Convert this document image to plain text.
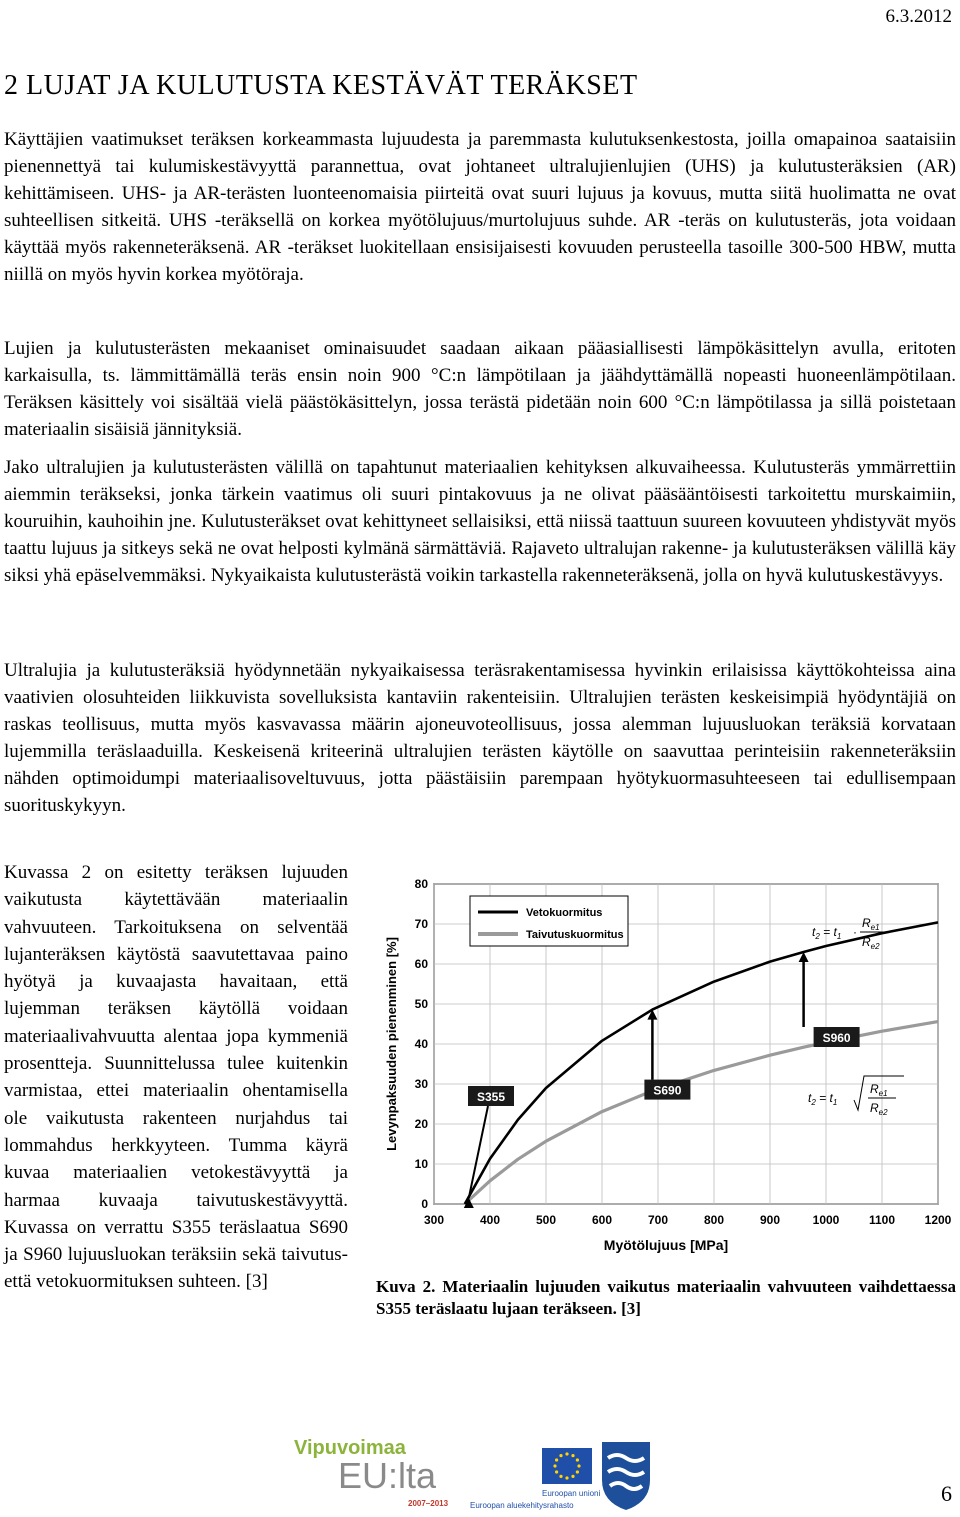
6.3.2012
2 LUJAT JA KULUTUSTA KESTÄVÄT TERÄKSET

Käyttäjien vaatimukset teräksen korkeammasta lujuudesta ja paremmasta kulutuksenkestosta, joilla omapainoa saataisiin pienennettyä tai kulumiskestävyyttä parannettua, ovat johtaneet ultralujienlujien (UHS) ja kulutusteräksien (AR) kehittämiseen. UHS- ja AR-terästen luonteenomaisia piirteitä ovat suuri lujuus ja kovuus, mutta siitä huolimatta ne ovat suhteellisen sitkeitä. UHS -teräksellä on korkea myötölujuus/murtolujuus suhde. AR -teräs on kulutusteräs, jota voidaan käyttää myös rakenneteräksenä. AR -teräkset luokitellaan ensisijaisesti kovuuden perusteella tasoille 300-500 HBW, mutta niillä on myös hyvin korkea myötöraja.

Lujien ja kulutusterästen mekaaniset ominaisuudet saadaan aikaan pääasiallisesti lämpökäsittelyn avulla, eritoten karkaisulla, ts. lämmittämällä teräs ensin noin 900 °C:n lämpötilaan ja jäähdyttämällä nopeasti huoneenlämpötilaan. Teräksen käsittely voi sisältää vielä päästökäsittelyn, jossa terästä pidetään noin 600 °C:n lämpötilassa ja sillä poistetaan materiaalin sisäisiä jännityksiä.

Jako ultralujien ja kulutusterästen välillä on tapahtunut materiaalien kehityksen alkuvaiheessa. Kulutusteräs ymmärrettiin aiemmin teräkseksi, jonka tärkein vaatimus oli suuri pintakovuus ja ne olivat pääsääntöisesti tarkoitettu murskaimiin, kouruihin, kauhoihin jne. Kulutusteräkset ovat kehittyneet sellaisiksi, että niissä taattuun suureen kovuuteen yhdistyvät myös taattu lujuus ja sitkeys sekä ne ovat helposti kylmänä särmättäviä. Rajaveto ultralujan rakenne- ja kulutusteräksen välillä käy siksi yhä epäselvemmäksi. Nykyaikaista kulutusterästä voikin tarkastella rakenneteräksenä, jolla on hyvä kulutuskestävyys.

Ultralujia ja kulutusteräksiä hyödynnetään nykyaikaisessa teräsrakentamisessa hyvinkin erilaisissa käyttökohteissa aina vaativien olosuhteiden liikkuvista sovelluksista kantaviin rakenteisiin. Ultralujien terästen keskeisimpiä hyödyntäjiä on raskas teollisuus, mutta myös kasvavassa määrin ajoneuvoteollisuus, jossa alemman lujuusluokan teräksiä korvataan lujemmilla teräslaaduilla. Keskeisenä kriteerinä ultralujien terästen käytölle on saavuttaa perinteisiin rakenneteräksiin nähden optimoidumpi materiaalisoveltuvuus, jotta päästäisiin parempaan hyötykuormasuhteeseen tai edullisempaan suorituskykyyn.

Kuvassa 2 on esitetty teräksen lujuuden vaikutusta käytettävään materiaalin vahvuuteen. Tarkoituksena on selventää lujanteräksen käytöstä saavutettavaa paino hyötyä ja kuvaajasta havaitaan, että lujemman teräksen käytöllä voidaan materiaalivahvuutta alentaa jopa kymmeniä prosentteja. Suunnittelussa tulee kuitenkin varmistaa, ettei materiaalin ohentamisella ole vaikutusta rakenteen nurjahdus tai lommahdus herkkyyteen. Tumma käyrä kuvaa materiaalien vetokestävyyttä ja harmaa kuvaaja taivutuskestävyyttä. Kuvassa on verrattu S355 teräslaatua S690 ja S960 lujuusluokan teräksiin sekä taivutus- että vetokuormituksen suhteen. [3]

300	400	500	600	700	800	900	1000 1100 1200
0
10
20
30
40
50
60
70
80
Myötölujuus [MPa]
Levynpaksuuden pienenminen [%]	S355	S690
S960
Vetokuormitus
Taivutuskuormitus	$t_2 = t_1$ ·
$R_{e1}$
$R_{e2}$
$t_2 = t_1$
$R_{e1}$
$R_{e2}$

Kuva 2. Materiaalin lujuuden vaikutus materiaalin vahvuuteen vaihdettaessa S355 teräslaatu lujaan teräkseen. [3]

Vipuvoimaa
EU:lta
2007–2013
Euroopan unioni
Euroopan aluekehitysrahasto	6
